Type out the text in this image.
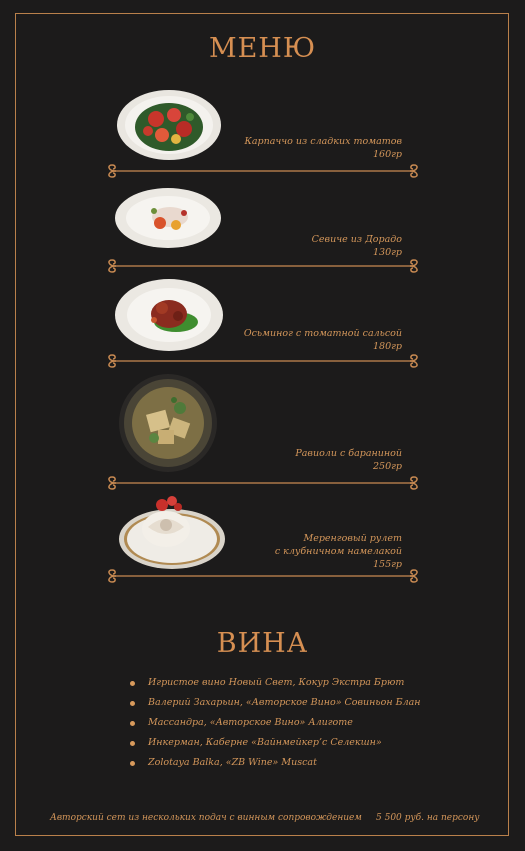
МЕНЮ
Карпаччо из сладких томатов
160гр
Севиче из Дорадо
130гр
Осьминог с томатной сальсой
180гр
Равиоли с бараниной
250гр
Меренговый рулет
с клубничном намелакой
155гр
ВИНА
Игристое вино Новый Свет, Кокур Экстра Брют
Валерий Захарьин, «Авторское Вино» Совиньон Блан
Массандра, «Авторское Вино» Алиготе
Инкерман, Каберне «Вайнмейкер’с Селекшн»
Zolotaya Balka, «ZB Wine» Muscat
Авторский сет из нескольких подач с винным сопровождением 5 500 руб. на персону
